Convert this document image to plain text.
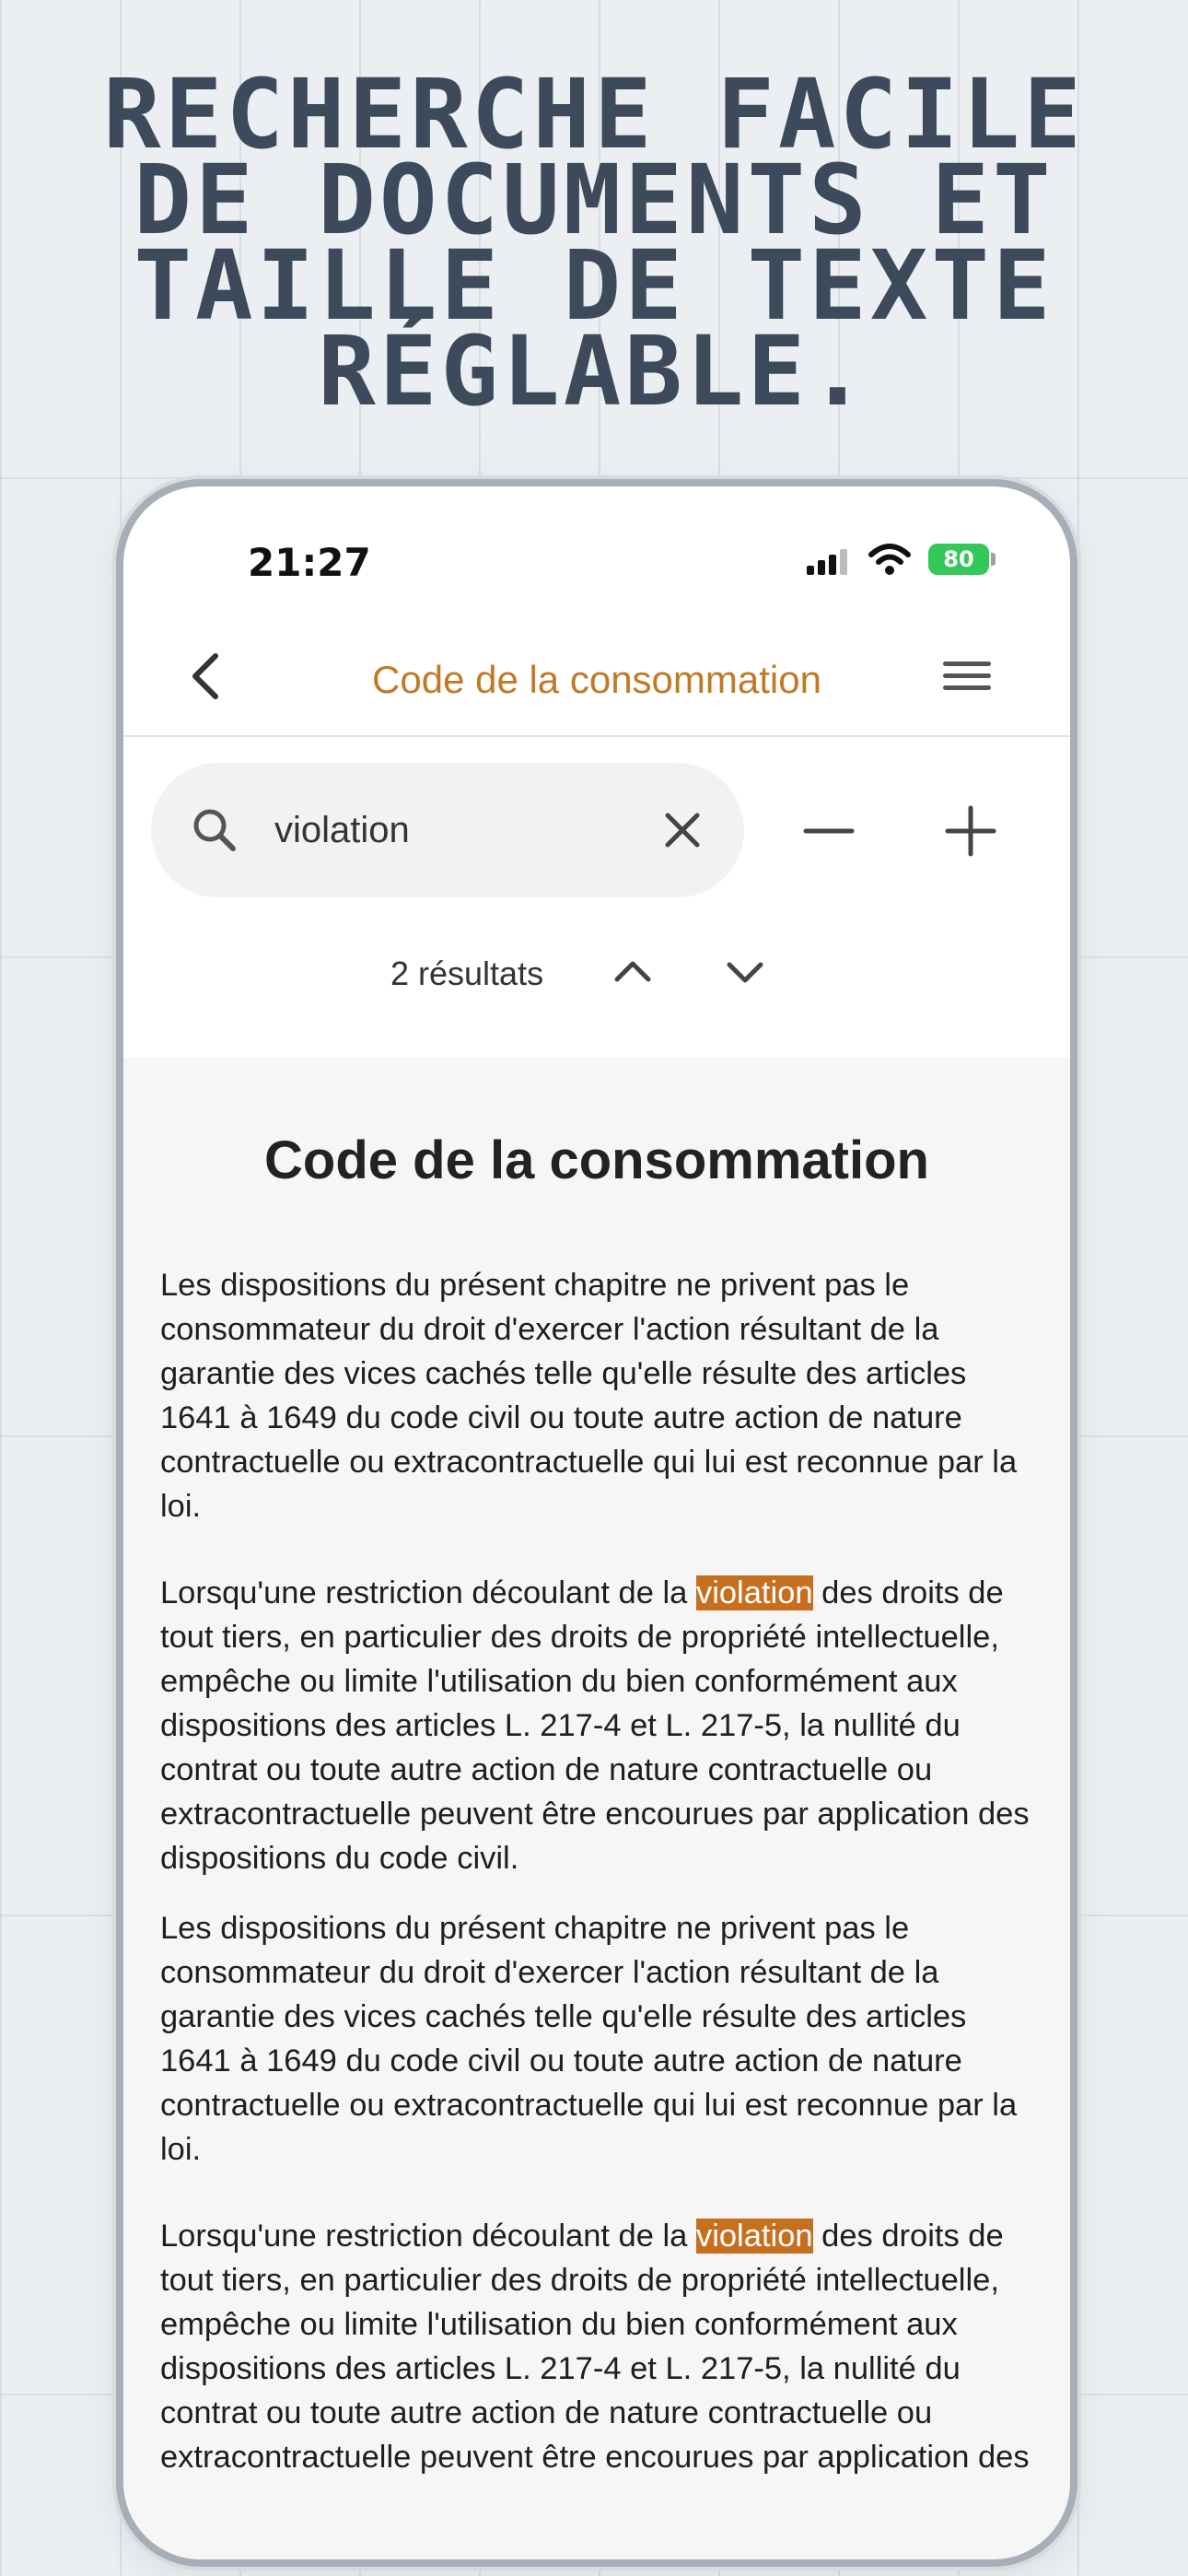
RECHERCHE FACILE
DE DOCUMENTS ET
TAILLE DE TEXTE
RÉGLABLE.
21:27	80
Code de la consommation
violation
2 résultats
Code de la consommation

Les dispositions du présent chapitre ne privent pas le consommateur du droit d'exercer l'action résultant de la garantie des vices cachés telle qu'elle résulte des articles 1641 à 1649 du code civil ou toute autre action de nature contractuelle ou extracontractuelle qui lui est reconnue par la loi.

Lorsqu'une restriction découlant de la violation des droits de tout tiers, en particulier des droits de propriété intellectuelle, empêche ou limite l'utilisation du bien conformément aux dispositions des articles L. 217-4 et L. 217-5, la nullité du contrat ou toute autre action de nature contractuelle ou extracontractuelle peuvent être encourues par application des dispositions du code civil.

Les dispositions du présent chapitre ne privent pas le consommateur du droit d'exercer l'action résultant de la garantie des vices cachés telle qu'elle résulte des articles 1641 à 1649 du code civil ou toute autre action de nature contractuelle ou extracontractuelle qui lui est reconnue par la loi.

Lorsqu'une restriction découlant de la violation des droits de tout tiers, en particulier des droits de propriété intellectuelle, empêche ou limite l'utilisation du bien conformément aux dispositions des articles L. 217-4 et L. 217-5, la nullité du contrat ou toute autre action de nature contractuelle ou extracontractuelle peuvent être encourues par application des
